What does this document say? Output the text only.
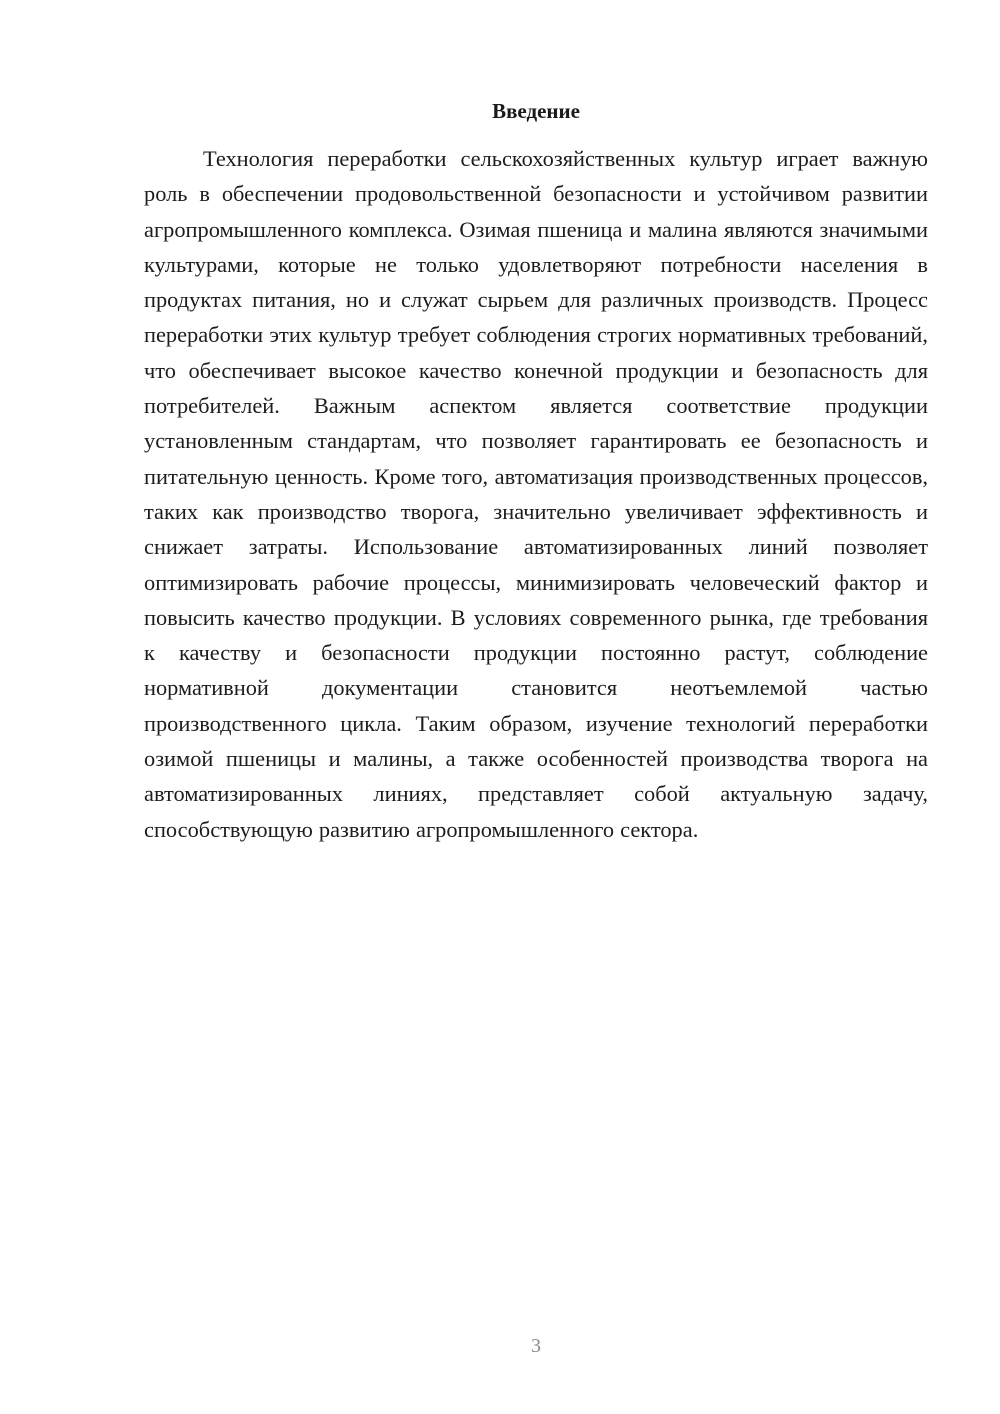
Введение

Технология переработки сельскохозяйственных культур играет важную роль в обеспечении продовольственной безопасности и устойчивом развитии агропромышленного комплекса. Озимая пшеница и малина являются значимыми культурами, которые не только удовлетворяют потребности населения в продуктах питания, но и служат сырьем для различных производств. Процесс переработки этих культур требует соблюдения строгих нормативных требований, что обеспечивает высокое качество конечной продукции и безопасность для потребителей. Важным аспектом является соответствие продукции установленным стандартам, что позволяет гарантировать ее безопасность и питательную ценность. Кроме того, автоматизация производственных процессов, таких как производство творога, значительно увеличивает эффективность и снижает затраты. Использование автоматизированных линий позволяет оптимизировать рабочие процессы, минимизировать человеческий фактор и повысить качество продукции. В условиях современного рынка, где требования к качеству и безопасности продукции постоянно растут, соблюдение нормативной документации становится неотъемлемой частью производственного цикла. Таким образом, изучение технологий переработки озимой пшеницы и малины, а также особенностей производства творога на автоматизированных линиях, представляет собой актуальную задачу, способствующую развитию агропромышленного сектора.

3
